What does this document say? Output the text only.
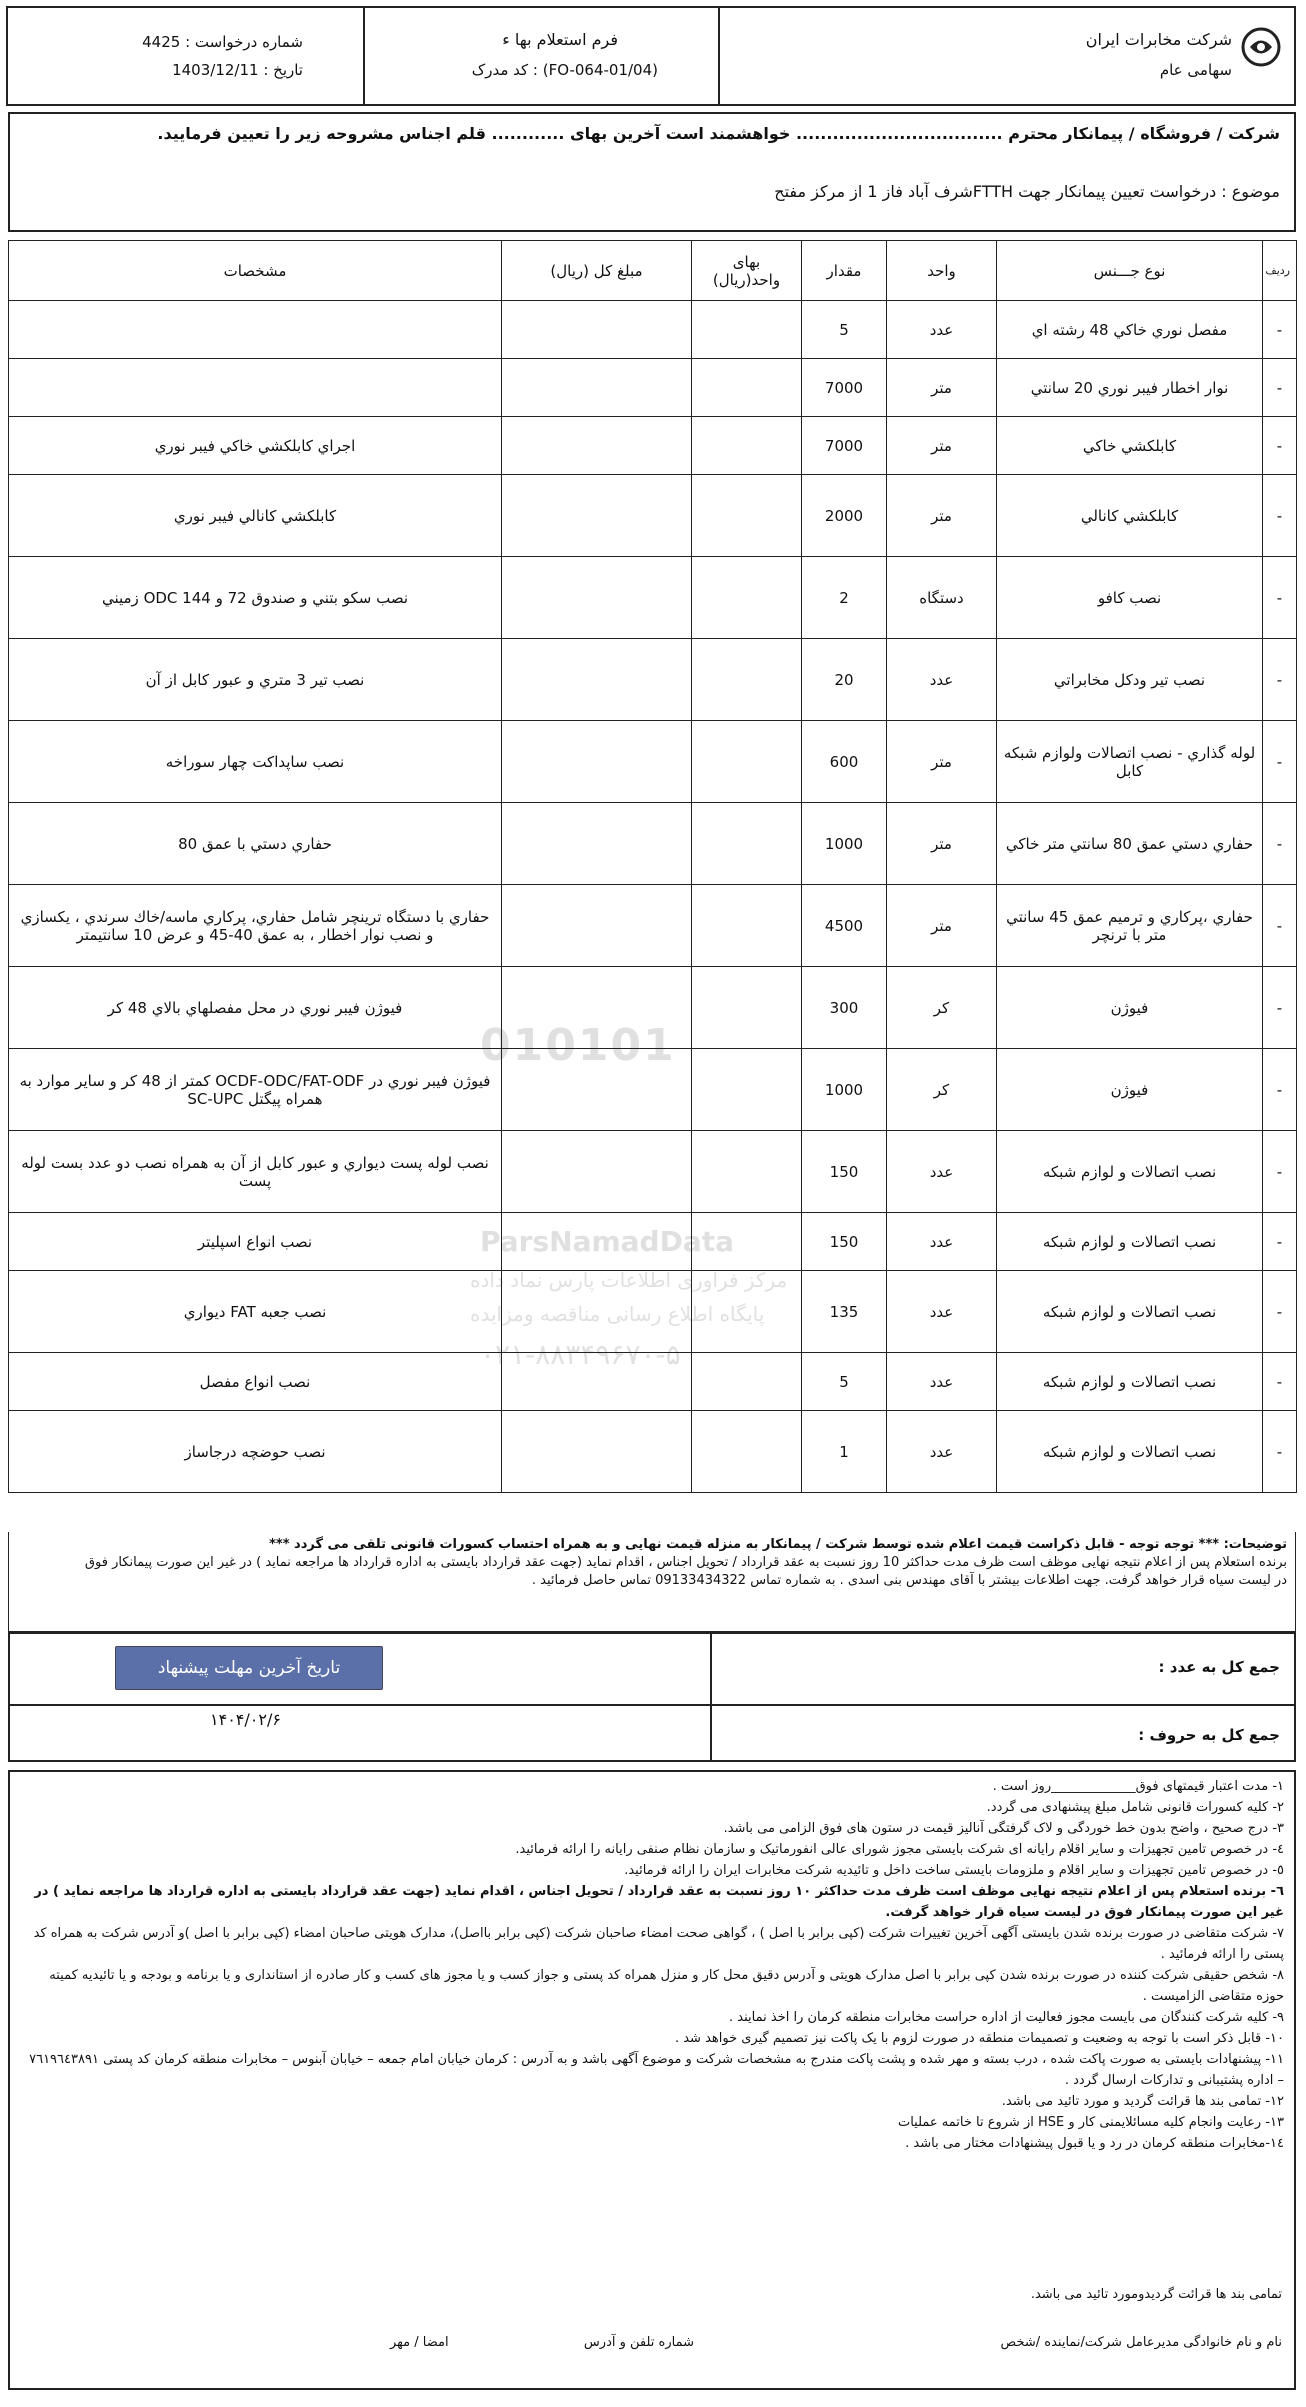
شرکت مخابرات ایران
سهامی عام
فرم استعلام بها ء
کد مدرک : (FO-064-01/04)
شماره درخواست : 4425
1403/12/11 : تاریخ
شرکت / فروشگاه / پیمانکار محترم .................................. خواهشمند است آخرین بهای ............ قلم اجناس مشروحه زیر را تعیین فرمایید.
موضوع : درخواست تعیین پیمانکار جهت FTTHشرف آباد فاز 1 از مرکز مفتح
010101
ParsNamadData
مرکز فراوری اطلاعات پارس نماد داده
پایگاه اطلاع رسانی مناقصه ومزایده
۰۲۱-۸۸۳۴۹۶۷۰-۵
ردیف	نوع جـــنس	واحد	مقدار	بهای واحد(ریال)	مبلغ کل (ریال)	مشخصات
-	مفصل نوري خاكي 48 رشته اي	عدد	5			
-	نوار اخطار فيبر نوري 20 سانتي	متر	7000			
-	كابلكشي خاكي	متر	7000			اجراي كابلكشي خاكي فيبر نوري
-	كابلكشي كانالي	متر	2000			كابلكشي كانالي فيبر نوري
-	نصب كافو	دستگاه	2			نصب سكو بتني و صندوق 72 و ODC 144 زميني
-	نصب تير ودكل مخابراتي	عدد	20			نصب تير 3 متري و عبور كابل از آن
-	لوله گذاري - نصب اتصالات ولوازم شبكه كابل	متر	600			نصب ساپداكت چهار سوراخه
-	حفاري دستي عمق 80 سانتي متر خاكي	متر	1000			حفاري دستي با عمق 80
-	حفاري ،پركاري و ترميم عمق 45 سانتي متر با ترنچر	متر	4500			حفاري با دستگاه ترينچر شامل حفاري، پركاري ماسه/خاك سرندي ، يكسازي و نصب نوار اخطار ، به عمق 40-45 و عرض 10 سانتيمتر
-	فيوژن	كر	300			فيوژن فيبر نوري در محل مفصلهاي بالاي 48 كر
-	فيوژن	كر	1000			فيوژن فيبر نوري در OCDF-ODC/FAT-ODF كمتر از 48 كر و ساير موارد به همراه پيگتل SC-UPC
-	نصب اتصالات و لوازم شبكه	عدد	150			نصب لوله پست ديواري و عبور كابل از آن به همراه نصب دو عدد بست لوله پست
-	نصب اتصالات و لوازم شبكه	عدد	150			نصب انواع اسپليتر
-	نصب اتصالات و لوازم شبكه	عدد	135			نصب جعبه FAT ديواري
-	نصب اتصالات و لوازم شبكه	عدد	5			نصب انواع مفصل
-	نصب اتصالات و لوازم شبكه	عدد	1			نصب حوضچه درجاساز
توضیحات: *** توجه توجه - قابل ذکراست قیمت اعلام شده توسط شرکت / پیمانکار به منزله قیمت نهایی و به همراه احتساب کسورات قانونی تلقی می گردد ***
برنده استعلام پس از اعلام نتیجه نهایی موظف است ظرف مدت حداکثر 10 روز نسبت به عقد قرارداد / تحویل اجناس ، اقدام نماید (جهت عقد قرارداد بایستی به اداره قرارداد ها مراجعه نماید ) در غیر این صورت پیمانکار فوق
در لیست سیاه قرار خواهد گرفت. جهت اطلاعات بیشتر با آقای مهندس بنی اسدی . به شماره تماس 09133434322 تماس حاصل فرمائید .
جمع کل به عدد :
جمع کل به حروف :
تاریخ آخرین مهلت پیشنهاد
۱۴۰۴/۰۲/۶

١- مدت اعتبار قیمتهای فوق_____________روز است .

٢- کلیه کسورات قانونی شامل مبلغ پیشنهادی می گردد.

٣- درج صحیح ، واضح بدون خط خوردگی و لاک گرفتگی آنالیز قیمت در ستون های فوق الزامی می باشد.

٤- در خصوص تامین تجهیزات و سایر اقلام رایانه ای شرکت بایستی مجوز شورای عالی انفورماتیک و سازمان نظام صنفی رایانه را ارائه فرمائید.

٥- در خصوص تامین تجهیزات و سایر اقلام و ملزومات بایستی ساخت داخل و تائیدیه شرکت مخابرات ایران را ارائه فرمائید.

٦- برنده استعلام پس از اعلام نتیجه نهایی موظف است ظرف مدت حداکثر ١٠ روز نسبت به عقد قرارداد / تحویل اجناس ، اقدام نماید (جهت عقد قرارداد بایستی به اداره قرارداد ها مراجعه نماید ) در غیر این صورت پیمانکار فوق در لیست سیاه قرار خواهد گرفت.

٧- شرکت متقاضی در صورت برنده شدن بایستی آگهی آخرین تغییرات شرکت (کپی برابر با اصل ) ، گواهی صحت امضاء صاحبان شرکت (کپی برابر بااصل)، مدارک هویتی صاحبان امضاء (کپی برابر با اصل )و آدرس شرکت به همراه کد پستی را ارائه فرمائید .

٨- شخص حقیقی شرکت کننده در صورت برنده شدن کپی برابر با اصل مدارک هویتی و آدرس دقیق محل کار و منزل همراه کد پستی و جواز کسب و یا مجوز های کسب و کار صادره از استانداری و یا برنامه و بودجه و یا تائیدیه کمیته حوزه متقاضی الزامیست .

٩- کلیه شرکت کنندگان می بایست مجوز فعالیت از اداره حراست مخابرات منطقه کرمان را اخذ نمایند .

١٠- قابل ذکر است با توجه به وضعیت و تصمیمات منطقه در صورت لزوم با یک پاکت نیز تصمیم گیری خواهد شد .

١١- پیشنهادات بایستی به صورت پاکت شده ، درب بسته و مهر شده و پشت پاکت مندرج به مشخصات شرکت و موضوع آگهی باشد و به آدرس : کرمان خیابان امام جمعه – خیابان آبنوس – مخابرات منطقه کرمان کد پستی ٧٦١٩٦٤٣٨٩١ – اداره پشتیبانی و تدارکات ارسال گردد .

١٢- تمامی بند ها قرائت گردید و مورد تائید می باشد.

١٣- رعایت وانجام کلیه مسائلایمنی کار و HSE از شروع تا خاتمه عملیات

١٤-مخابرات منطقه کرمان در رد و یا قبول پیشنهادات مختار می باشد .

تمامی بند ها قرائت گردیدومورد تائید می باشد.
نام و نام خانوادگی مدیرعامل شرکت/نماینده /شخص
شماره تلفن و آدرس
امضا / مهر
